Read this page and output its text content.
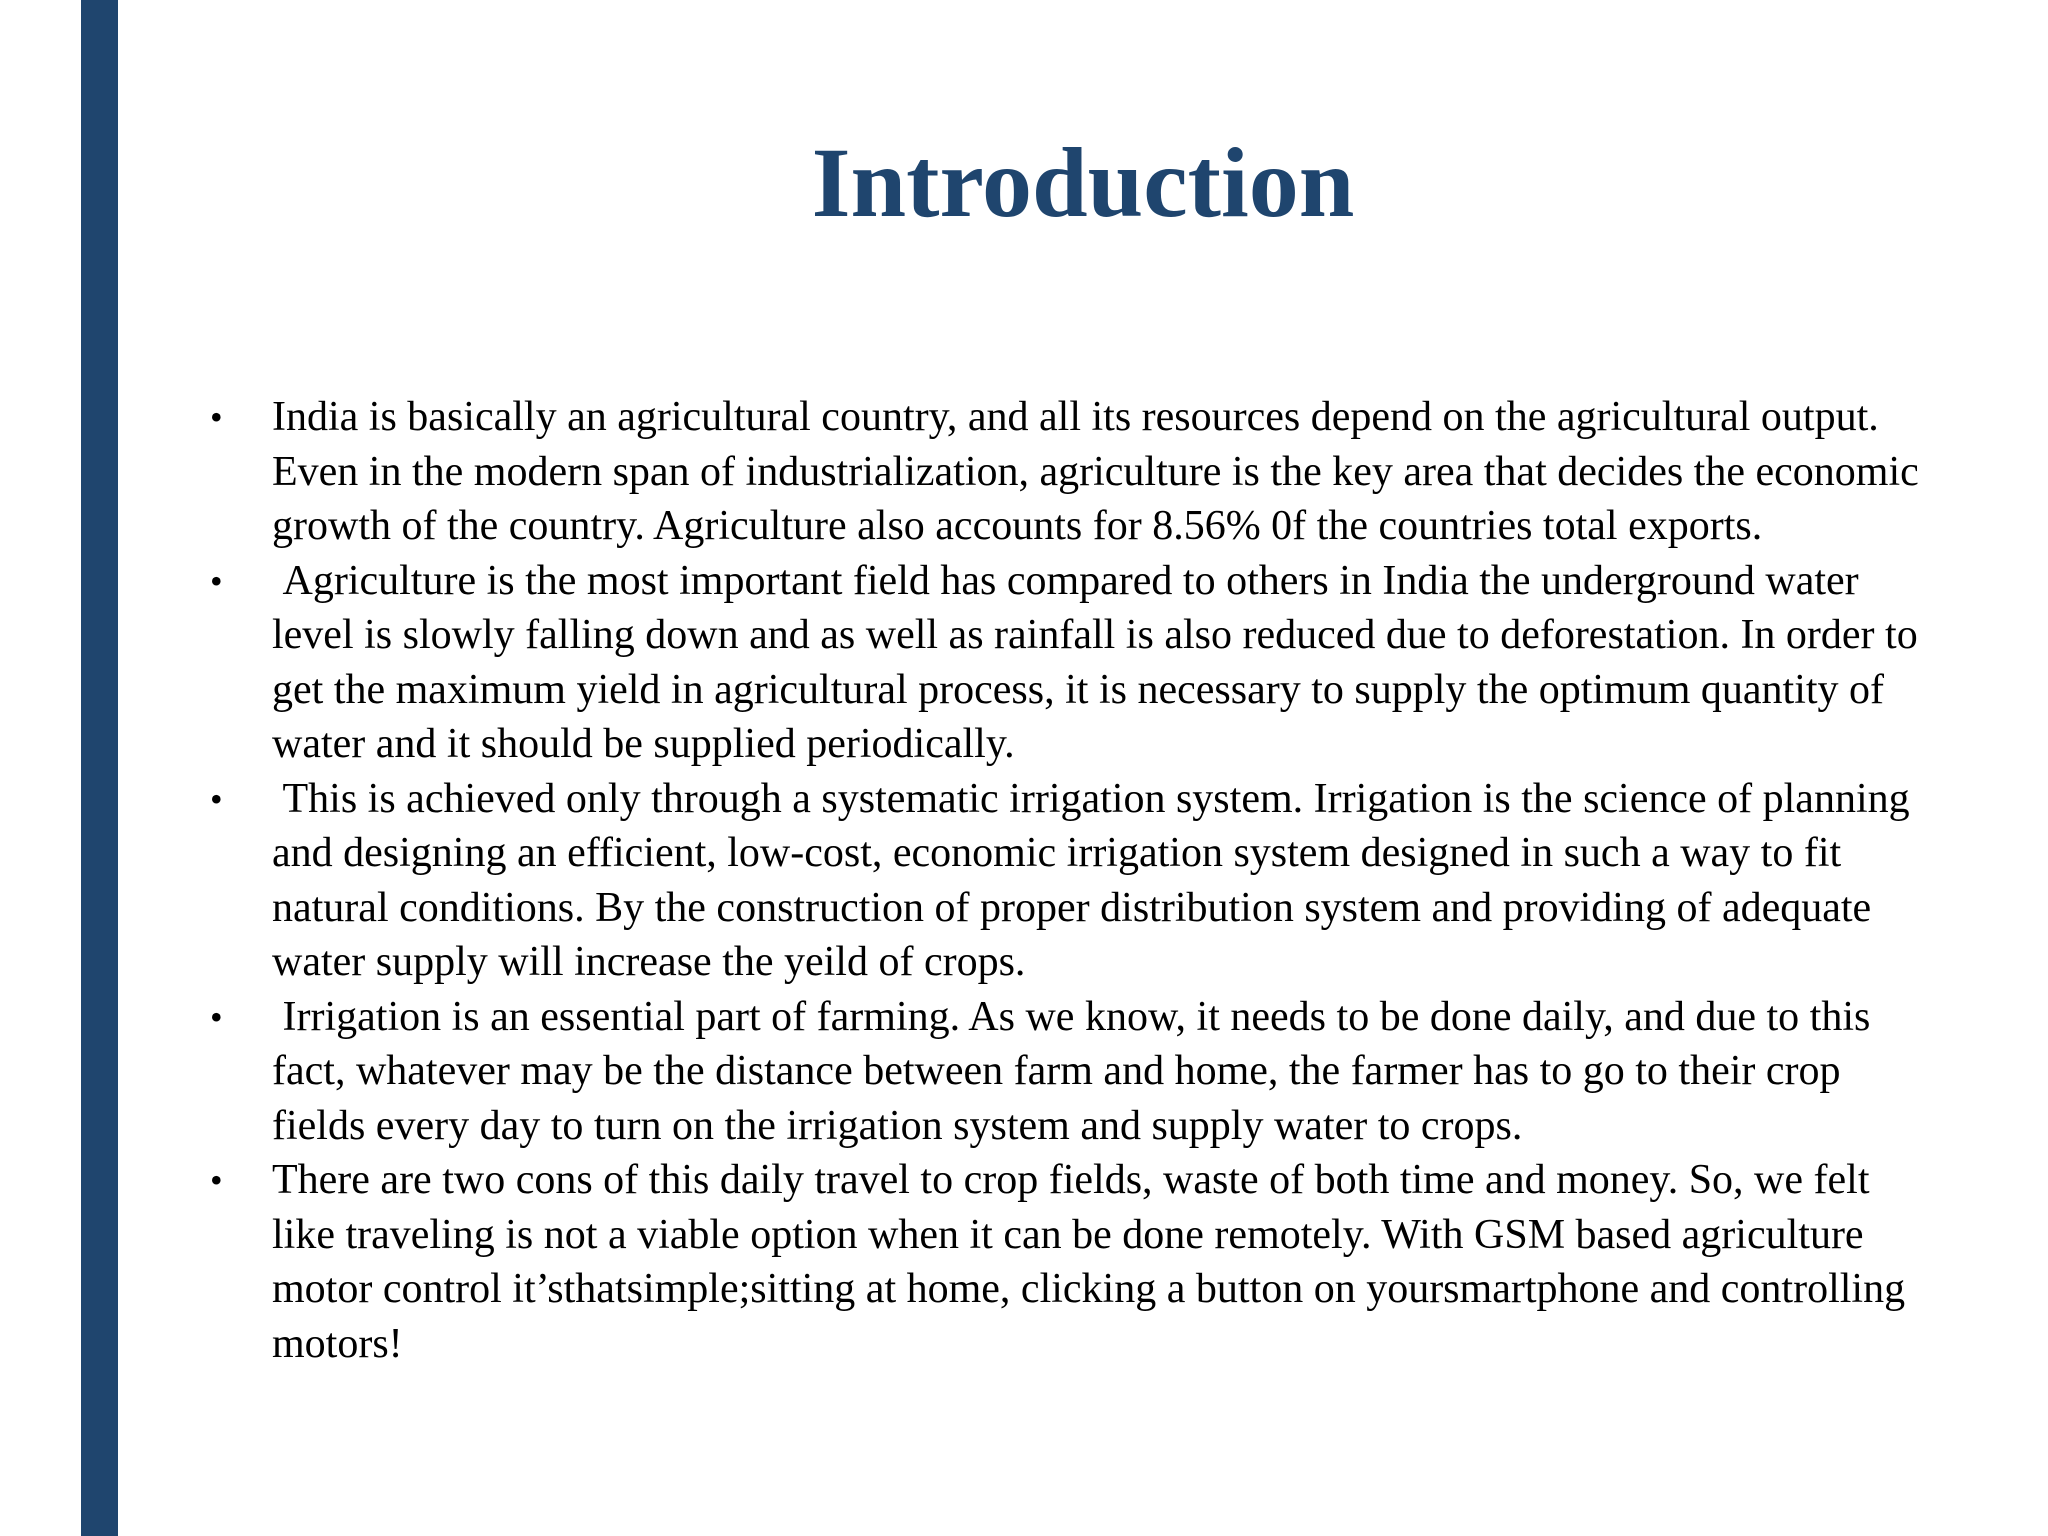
Introduction
• India is basically an agricultural country, and all its resources depend on the agricultural output. Even in the modern span of industrialization, agriculture is the key area that decides the economic growth of the country. Agriculture also accounts for 8.56% 0f the countries total exports.
• Agriculture is the most important field has compared to others in India the underground water level is slowly falling down and as well as rainfall is also reduced due to deforestation. In order to get the maximum yield in agricultural process, it is necessary to supply the optimum quantity of water and it should be supplied periodically.
• This is achieved only through a systematic irrigation system. Irrigation is the science of planning and designing an efficient, low-cost, economic irrigation system designed in such a way to fit natural conditions. By the construction of proper distribution system and providing of adequate water supply will increase the yeild of crops.
• Irrigation is an essential part of farming. As we know, it needs to be done daily, and due to this fact, whatever may be the distance between farm and home, the farmer has to go to their crop fields every day to turn on the irrigation system and supply water to crops.
• There are two cons of this daily travel to crop fields, waste of both time and money. So, we felt like traveling is not a viable option when it can be done remotely. With GSM based agriculture motor control it’sthatsimple;sitting at home, clicking a button on yoursmartphone and controlling motors!
